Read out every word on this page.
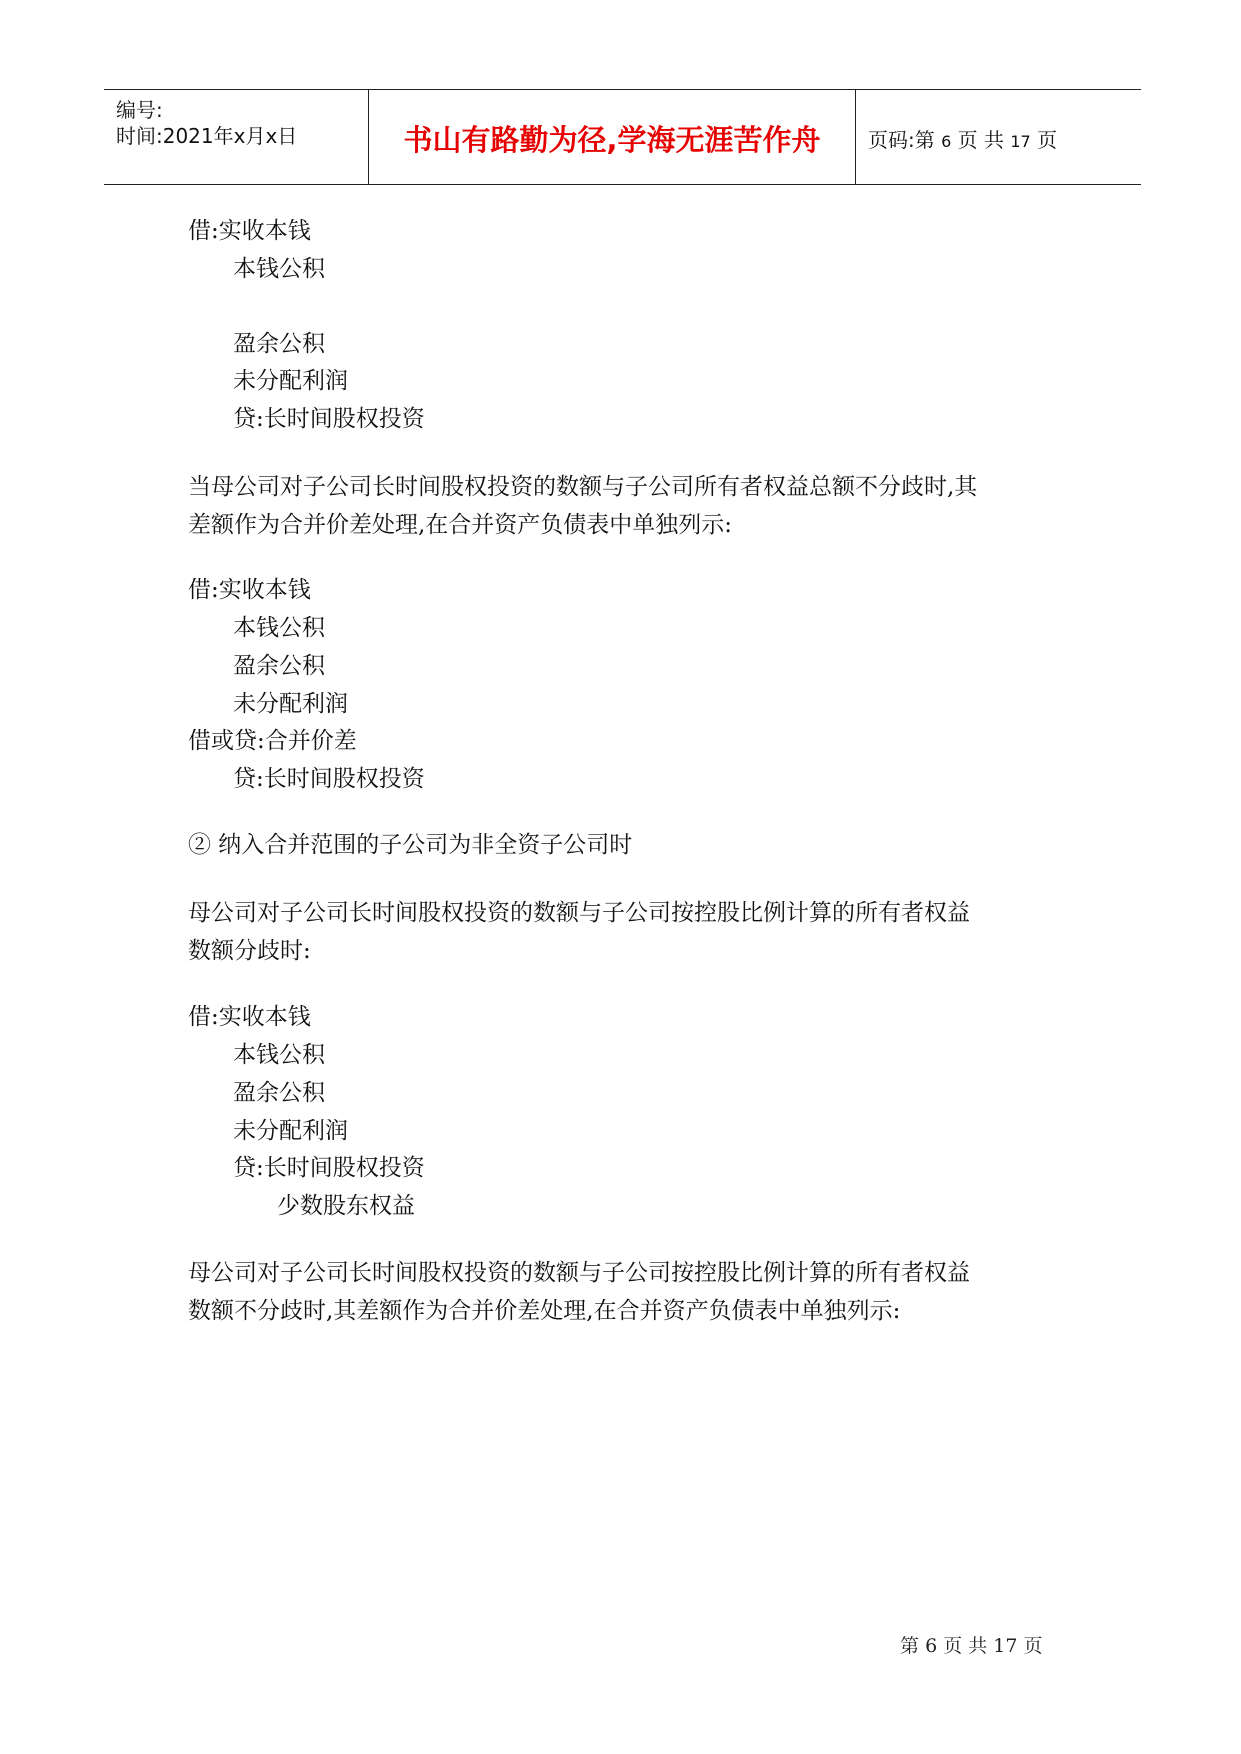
编号:
时间:2021年x月x日	书山有路勤为径,学海无涯苦作舟	页码:第 6 页 共 17 页
借:实收本钱
本钱公积
盈余公积
未分配利润
贷:长时间股权投资
当母公司对子公司长时间股权投资的数额与子公司所有者权益总额不分歧时,其
差额作为合并价差处理,在合并资产负债表中单独列示:
借:实收本钱
本钱公积
盈余公积
未分配利润
借或贷:合并价差
贷:长时间股权投资
② 纳入合并范围的子公司为非全资子公司时
母公司对子公司长时间股权投资的数额与子公司按控股比例计算的所有者权益
数额分歧时:
借:实收本钱
本钱公积
盈余公积
未分配利润
贷:长时间股权投资
少数股东权益
母公司对子公司长时间股权投资的数额与子公司按控股比例计算的所有者权益
数额不分歧时,其差额作为合并价差处理,在合并资产负债表中单独列示:
第 6 页 共 17 页
